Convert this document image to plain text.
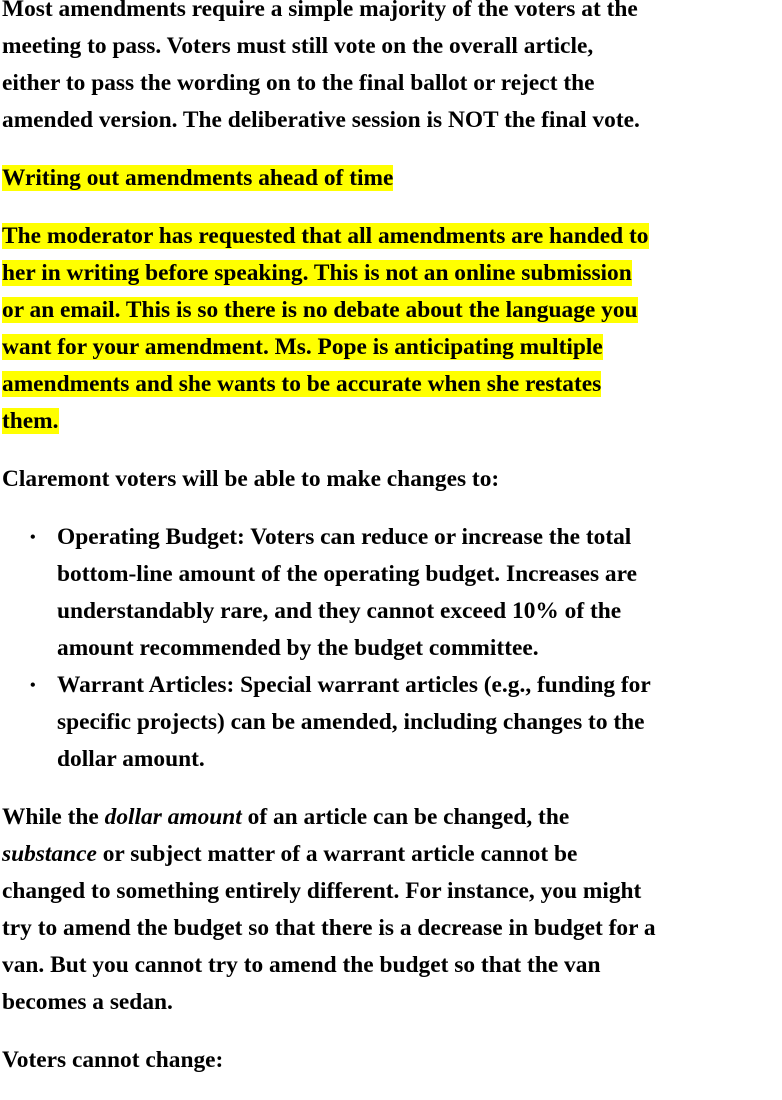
Most amendments require a simple majority of the voters at the

meeting to pass. Voters must still vote on the overall article,

either to pass the wording on to the final ballot or reject the

amended version. The deliberative session is NOT the final vote.

Writing out amendments ahead of time

The moderator has requested that all amendments are handed to

her in writing before speaking. This is not an online submission

or an email. This is so there is no debate about the language you

want for your amendment. Ms. Pope is anticipating multiple

amendments and she wants to be accurate when she restates

them.

Claremont voters will be able to make changes to:

• Operating Budget: Voters can reduce or increase the total

bottom-line amount of the operating budget. Increases are

understandably rare, and they cannot exceed 10% of the

amount recommended by the budget committee.

• Warrant Articles: Special warrant articles (e.g., funding for

specific projects) can be amended, including changes to the

dollar amount.

While the dollar amount of an article can be changed, the

substance or subject matter of a warrant article cannot be

changed to something entirely different. For instance, you might

try to amend the budget so that there is a decrease in budget for a

van. But you cannot try to amend the budget so that the van

becomes a sedan.

Voters cannot change:
